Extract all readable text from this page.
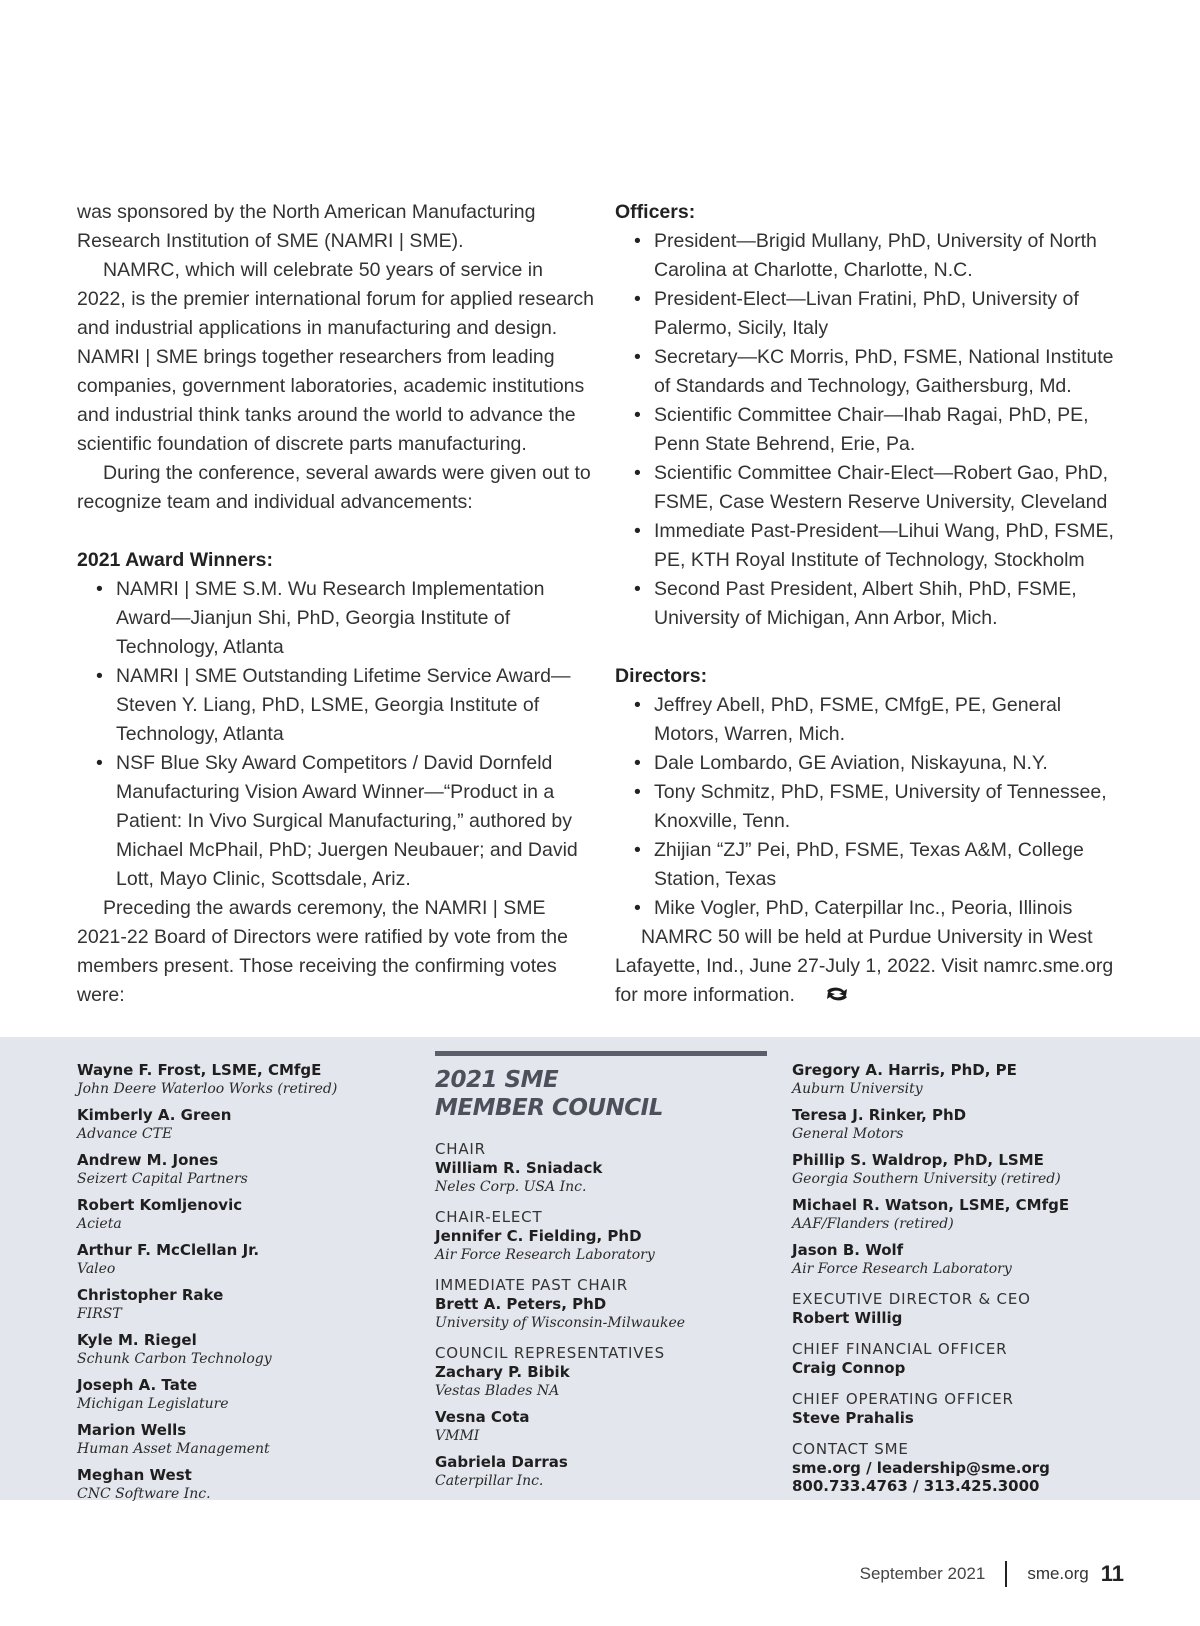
was sponsored by the North American Manufacturing Research Institution of SME (NAMRI | SME).

NAMRC, which will celebrate 50 years of service in 2022, is the premier international forum for applied research and industrial applications in manufacturing and design. NAMRI | SME brings together researchers from leading companies, government laboratories, academic institutions and industrial think tanks around the world to advance the scientific foundation of discrete parts manufacturing.

During the conference, several awards were given out to recognize team and individual advancements:

2021 Award Winners:

• NAMRI | SME S.M. Wu Research Implementation Award—Jianjun Shi, PhD, Georgia Institute of Technology, Atlanta
• NAMRI | SME Outstanding Lifetime Service Award— Steven Y. Liang, PhD, LSME, Georgia Institute of Technology, Atlanta
• NSF Blue Sky Award Competitors / David Dornfeld Manufacturing Vision Award Winner—“Product in a Patient: In Vivo Surgical Manufacturing,” authored by Michael McPhail, PhD; Juergen Neubauer; and David Lott, Mayo Clinic, Scottsdale, Ariz.

Preceding the awards ceremony, the NAMRI | SME 2021-22 Board of Directors were ratified by vote from the members present. Those receiving the confirming votes were:

Officers:

• President—Brigid Mullany, PhD, University of North Carolina at Charlotte, Charlotte, N.C.
• President-Elect—Livan Fratini, PhD, University of Palermo, Sicily, Italy
• Secretary—KC Morris, PhD, FSME, National Institute of Standards and Technology, Gaithersburg, Md.
• Scientific Committee Chair—Ihab Ragai, PhD, PE, Penn State Behrend, Erie, Pa.
• Scientific Committee Chair-Elect—Robert Gao, PhD, FSME, Case Western Reserve University, Cleveland
• Immediate Past-President—Lihui Wang, PhD, FSME, PE, KTH Royal Institute of Technology, Stockholm
• Second Past President, Albert Shih, PhD, FSME, University of Michigan, Ann Arbor, Mich.

Directors:

• Jeffrey Abell, PhD, FSME, CMfgE, PE, General Motors, Warren, Mich.
• Dale Lombardo, GE Aviation, Niskayuna, N.Y.
• Tony Schmitz, PhD, FSME, University of Tennessee, Knoxville, Tenn.
• Zhijian “ZJ” Pei, PhD, FSME, Texas A&M, College Station, Texas
• Mike Vogler, PhD, Caterpillar Inc., Peoria, Illinois

NAMRC 50 will be held at Purdue University in West Lafayette, Ind., June 27-July 1, 2022. Visit namrc.sme.org for more information.

Wayne F. Frost, LSME, CMfgE
John Deere Waterloo Works (retired)
Kimberly A. Green
Advance CTE
Andrew M. Jones
Seizert Capital Partners
Robert Komljenovic
Acieta
Arthur F. McClellan Jr.
Valeo
Christopher Rake
FIRST
Kyle M. Riegel
Schunk Carbon Technology
Joseph A. Tate
Michigan Legislature
Marion Wells
Human Asset Management
Meghan West
CNC Software Inc.
2021 SME
MEMBER COUNCIL
CHAIR
William R. Sniadack
Neles Corp. USA Inc.
CHAIR-ELECT
Jennifer C. Fielding, PhD
Air Force Research Laboratory
IMMEDIATE PAST CHAIR
Brett A. Peters, PhD
University of Wisconsin-Milwaukee
COUNCIL REPRESENTATIVES
Zachary P. Bibik
Vestas Blades NA
Vesna Cota
VMMI
Gabriela Darras
Caterpillar Inc.
Gregory A. Harris, PhD, PE
Auburn University
Teresa J. Rinker, PhD
General Motors
Phillip S. Waldrop, PhD, LSME
Georgia Southern University (retired)
Michael R. Watson, LSME, CMfgE
AAF/Flanders (retired)
Jason B. Wolf
Air Force Research Laboratory
EXECUTIVE DIRECTOR & CEO
Robert Willig
CHIEF FINANCIAL OFFICER
Craig Connop
CHIEF OPERATING OFFICER
Steve Prahalis
CONTACT SME
sme.org / leadership@sme.org
800.733.4763 / 313.425.3000
September 2021 sme.org 11
